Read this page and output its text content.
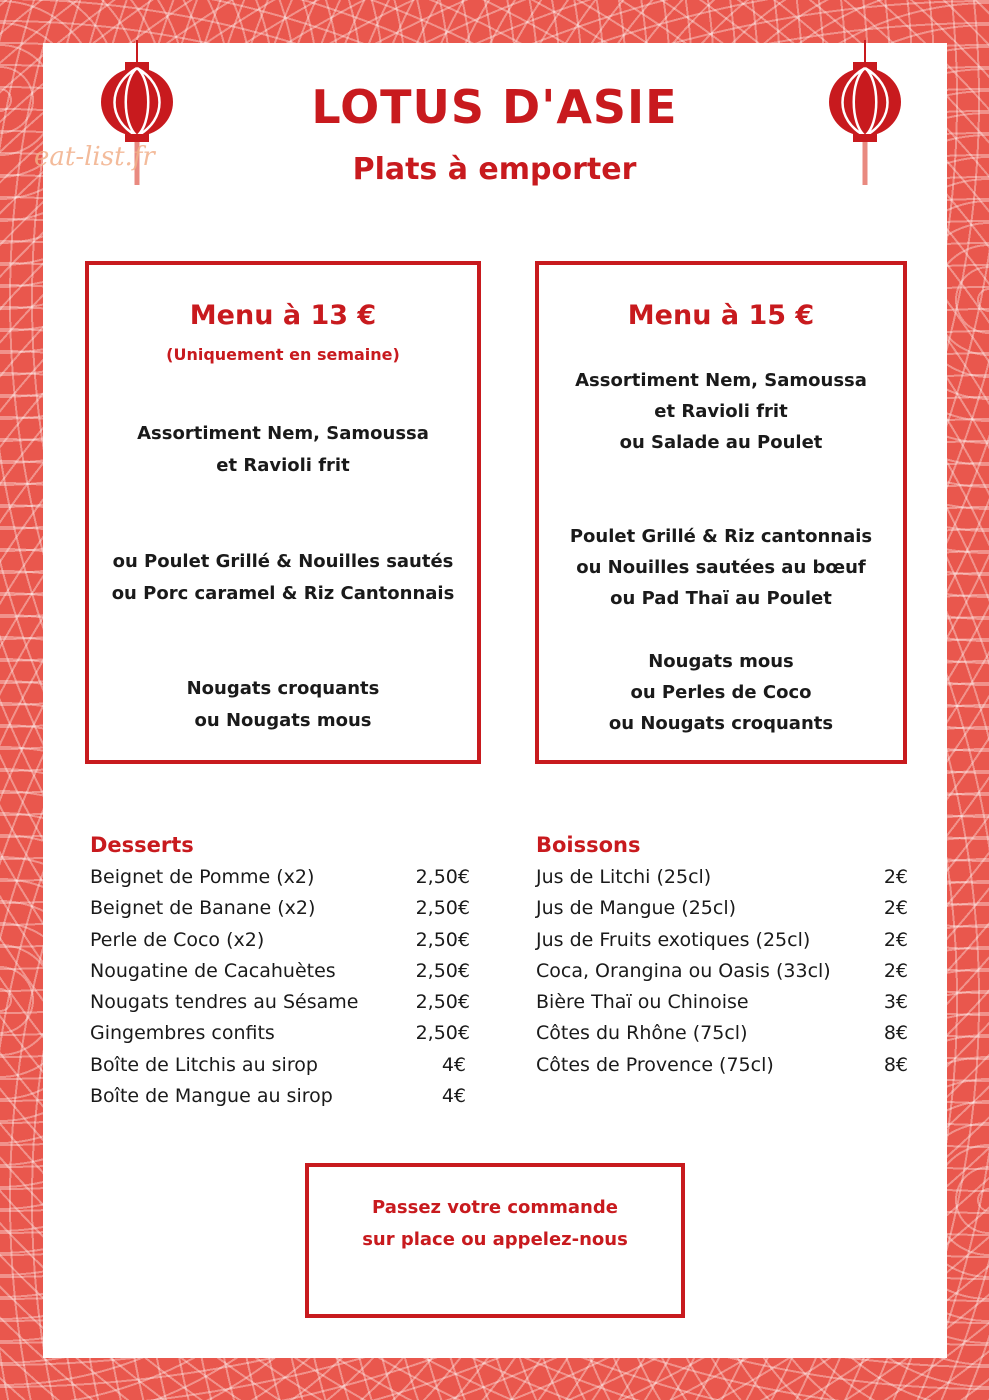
LOTUS D'ASIE
Plats à emporter
eat-list.fr
Menu à 13 €
(Uniquement en semaine)
Assortiment Nem, Samoussa
et Ravioli frit
ou Poulet Grillé & Nouilles sautés
ou Porc caramel & Riz Cantonnais
Nougats croquants
ou Nougats mous
Menu à 15 €
Assortiment Nem, Samoussa
et Ravioli frit
ou Salade au Poulet
Poulet Grillé & Riz cantonnais
ou Nouilles sautées au bœuf
ou Pad Thaï au Poulet
Nougats mous
ou Perles de Coco
ou Nougats croquants
Desserts
Beignet de Pomme (x2)	2,50€
Beignet de Banane (x2)	2,50€
Perle de Coco (x2)	2,50€
Nougatine de Cacahuètes	2,50€
Nougats tendres au Sésame	2,50€
Gingembres confits	2,50€
Boîte de Litchis au sirop	4€
Boîte de Mangue au sirop	4€
Boissons
Jus de Litchi (25cl)	2€
Jus de Mangue (25cl)	2€
Jus de Fruits exotiques (25cl)	2€
Coca, Orangina ou Oasis (33cl)	2€
Bière Thaï ou Chinoise	3€
Côtes du Rhône (75cl)	8€
Côtes de Provence (75cl)	8€
Passez votre commande
sur place ou appelez-nous
